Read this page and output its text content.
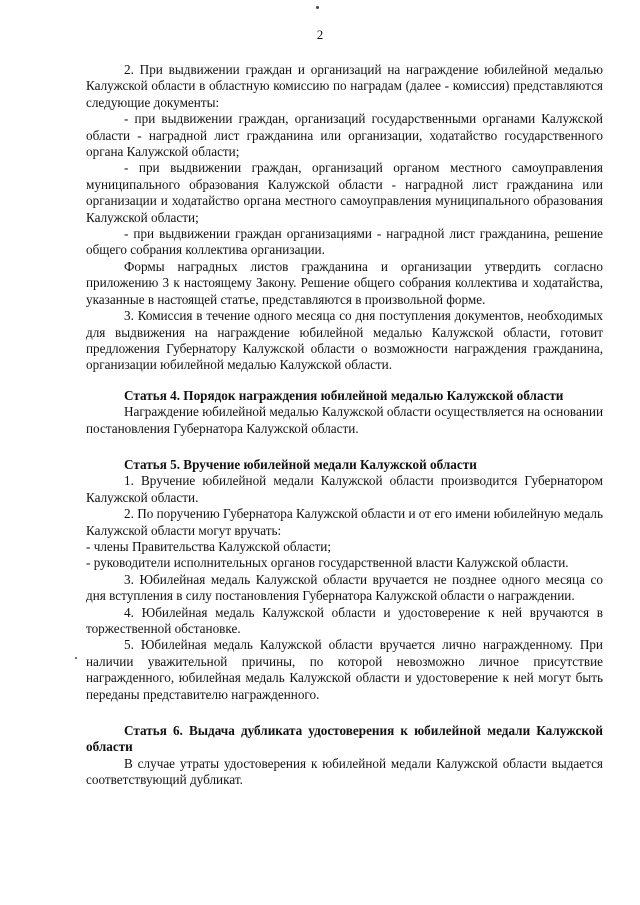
2

2. При выдвижении граждан и организаций на награждение юбилейной медалью Калужской области в областную комиссию по наградам (далее - комиссия) представляются следующие документы:

- при выдвижении граждан, организаций государственными органами Калужской области - наградной лист гражданина или организации, ходатайство государственного органа Калужской области;

- при выдвижении граждан, организаций органом местного самоуправления муниципального образования Калужской области - наградной лист гражданина или организации и ходатайство органа местного самоуправления муниципального образования Калужской области;

- при выдвижении граждан организациями - наградной лист гражданина, решение общего собрания коллектива организации.

Формы наградных листов гражданина и организации утвердить согласно приложению 3 к настоящему Закону. Решение общего собрания коллектива и ходатайства, указанные в настоящей статье, представляются в произвольной форме.

3. Комиссия в течение одного месяца со дня поступления документов, необходимых для выдвижения на награждение юбилейной медалью Калужской области, готовит предложения Губернатору Калужской области о возможности награждения гражданина, организации юбилейной медалью Калужской области.

Статья 4. Порядок награждения юбилейной медалью Калужской области

Награждение юбилейной медалью Калужской области осуществляется на основании постановления Губернатора Калужской области.

Статья 5. Вручение юбилейной медали Калужской области

1. Вручение юбилейной медали Калужской области производится Губернатором Калужской области.

2. По поручению Губернатора Калужской области и от его имени юбилейную медаль Калужской области могут вручать:

- члены Правительства Калужской области;

- руководители исполнительных органов государственной власти Калужской области.

3. Юбилейная медаль Калужской области вручается не позднее одного месяца со дня вступления в силу постановления Губернатора Калужской области о награждении.

4. Юбилейная медаль Калужской области и удостоверение к ней вручаются в торжественной обстановке.

5. Юбилейная медаль Калужской области вручается лично награжденному. При наличии уважительной причины, по которой невозможно личное присутствие награжденного, юбилейная медаль Калужской области и удостоверение к ней могут быть переданы представителю награжденного.

Статья 6. Выдача дубликата удостоверения к юбилейной медали Калужской области

В случае утраты удостоверения к юбилейной медали Калужской области выдается соответствующий дубликат.
